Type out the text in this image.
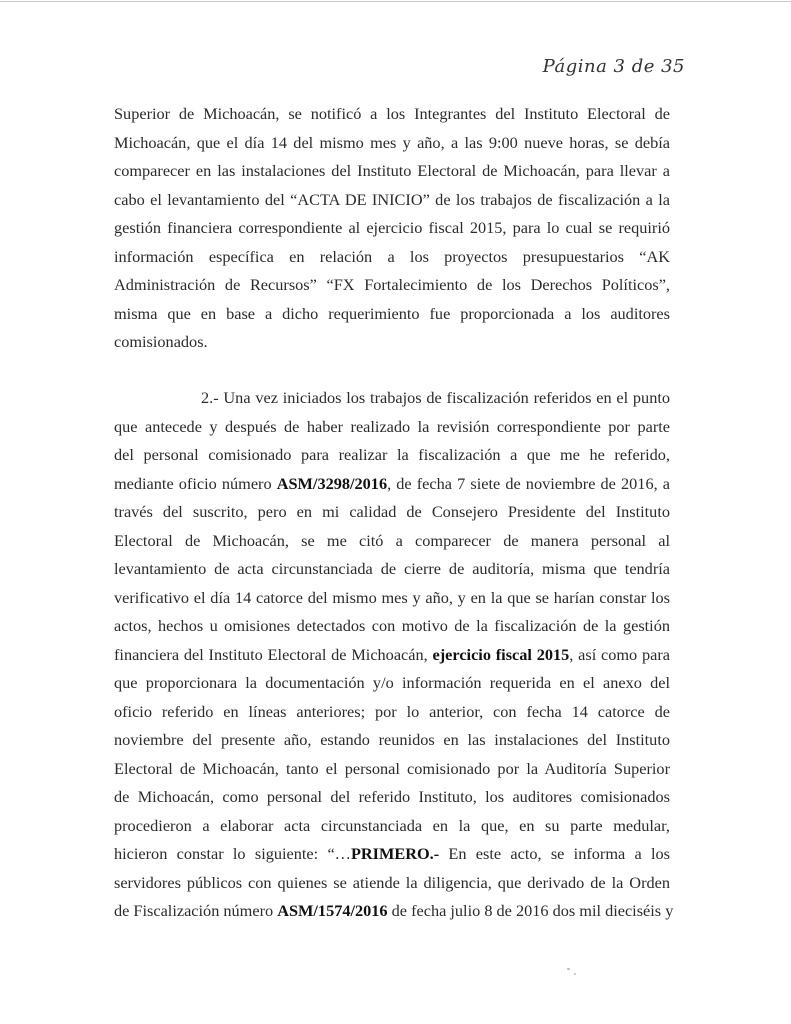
Página 3 de 35
Superior de Michoacán, se notificó a los Integrantes del Instituto Electoral de
Michoacán, que el día 14 del mismo mes y año, a las 9:00 nueve horas, se debía
comparecer en las instalaciones del Instituto Electoral de Michoacán, para llevar a
cabo el levantamiento del “ACTA DE INICIO” de los trabajos de fiscalización a la
gestión financiera correspondiente al ejercicio fiscal 2015, para lo cual se requirió
información específica en relación a los proyectos presupuestarios “AK
Administración de Recursos” “FX Fortalecimiento de los Derechos Políticos”,
misma que en base a dicho requerimiento fue proporcionada a los auditores
comisionados.
2.- Una vez iniciados los trabajos de fiscalización referidos en el punto
que antecede y después de haber realizado la revisión correspondiente por parte
del personal comisionado para realizar la fiscalización a que me he referido,
mediante oficio número ASM/3298/2016, de fecha 7 siete de noviembre de 2016, a
través del suscrito, pero en mi calidad de Consejero Presidente del Instituto
Electoral de Michoacán, se me citó a comparecer de manera personal al
levantamiento de acta circunstanciada de cierre de auditoría, misma que tendría
verificativo el día 14 catorce del mismo mes y año, y en la que se harían constar los
actos, hechos u omisiones detectados con motivo de la fiscalización de la gestión
financiera del Instituto Electoral de Michoacán, ejercicio fiscal 2015, así como para
que proporcionara la documentación y/o información requerida en el anexo del
oficio referido en líneas anteriores; por lo anterior, con fecha 14 catorce de
noviembre del presente año, estando reunidos en las instalaciones del Instituto
Electoral de Michoacán, tanto el personal comisionado por la Auditoría Superior
de Michoacán, como personal del referido Instituto, los auditores comisionados
procedieron a elaborar acta circunstanciada en la que, en su parte medular,
hicieron constar lo siguiente: “…PRIMERO.- En este acto, se informa a los
servidores públicos con quienes se atiende la diligencia, que derivado de la Orden
de Fiscalización número ASM/1574/2016 de fecha julio 8 de 2016 dos mil dieciséis y
